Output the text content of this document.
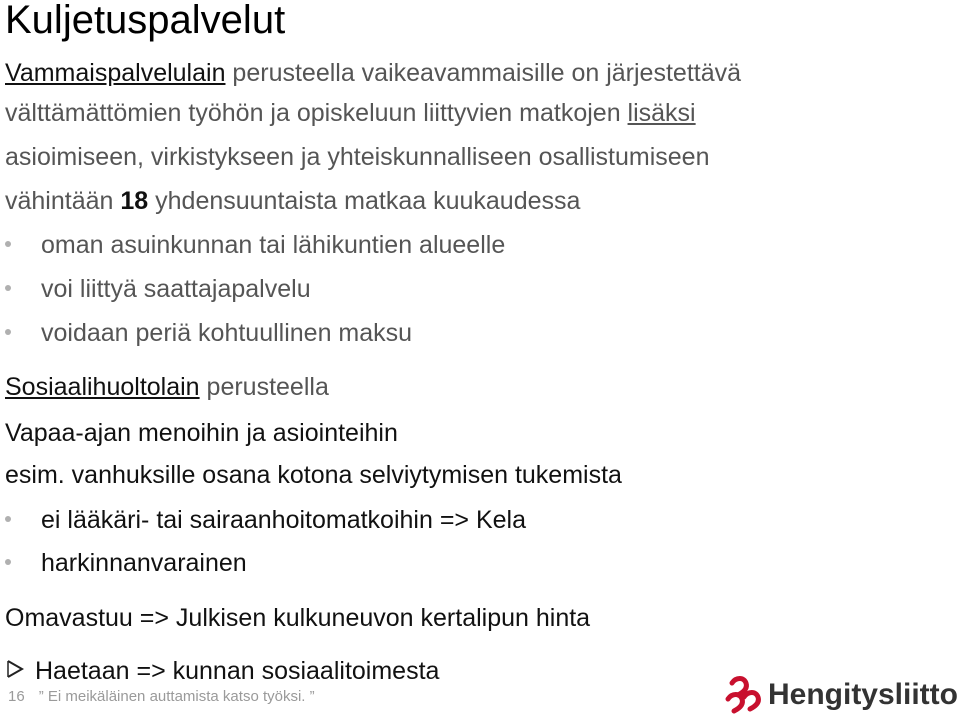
Kuljetuspalvelut
Vammaispalvelulain perusteella vaikeavammaisille on järjestettävä
välttämättömien työhön ja opiskeluun liittyvien matkojen lisäksi
asioimiseen, virkistykseen ja yhteiskunnalliseen osallistumiseen
vähintään 18 yhdensuuntaista matkaa kuukaudessa
oman asuinkunnan tai lähikuntien alueelle
voi liittyä saattajapalvelu
voidaan periä kohtuullinen maksu
Sosiaalihuoltolain perusteella
Vapaa-ajan menoihin ja asiointeihin
esim. vanhuksille osana kotona selviytymisen tukemista
ei lääkäri- tai sairaanhoitomatkoihin => Kela
harkinnanvarainen
Omavastuu => Julkisen kulkuneuvon kertalipun hinta
Haetaan => kunnan sosiaalitoimesta
16 ” Ei meikäläinen auttamista katso työksi. ”	Hengitysliitto
